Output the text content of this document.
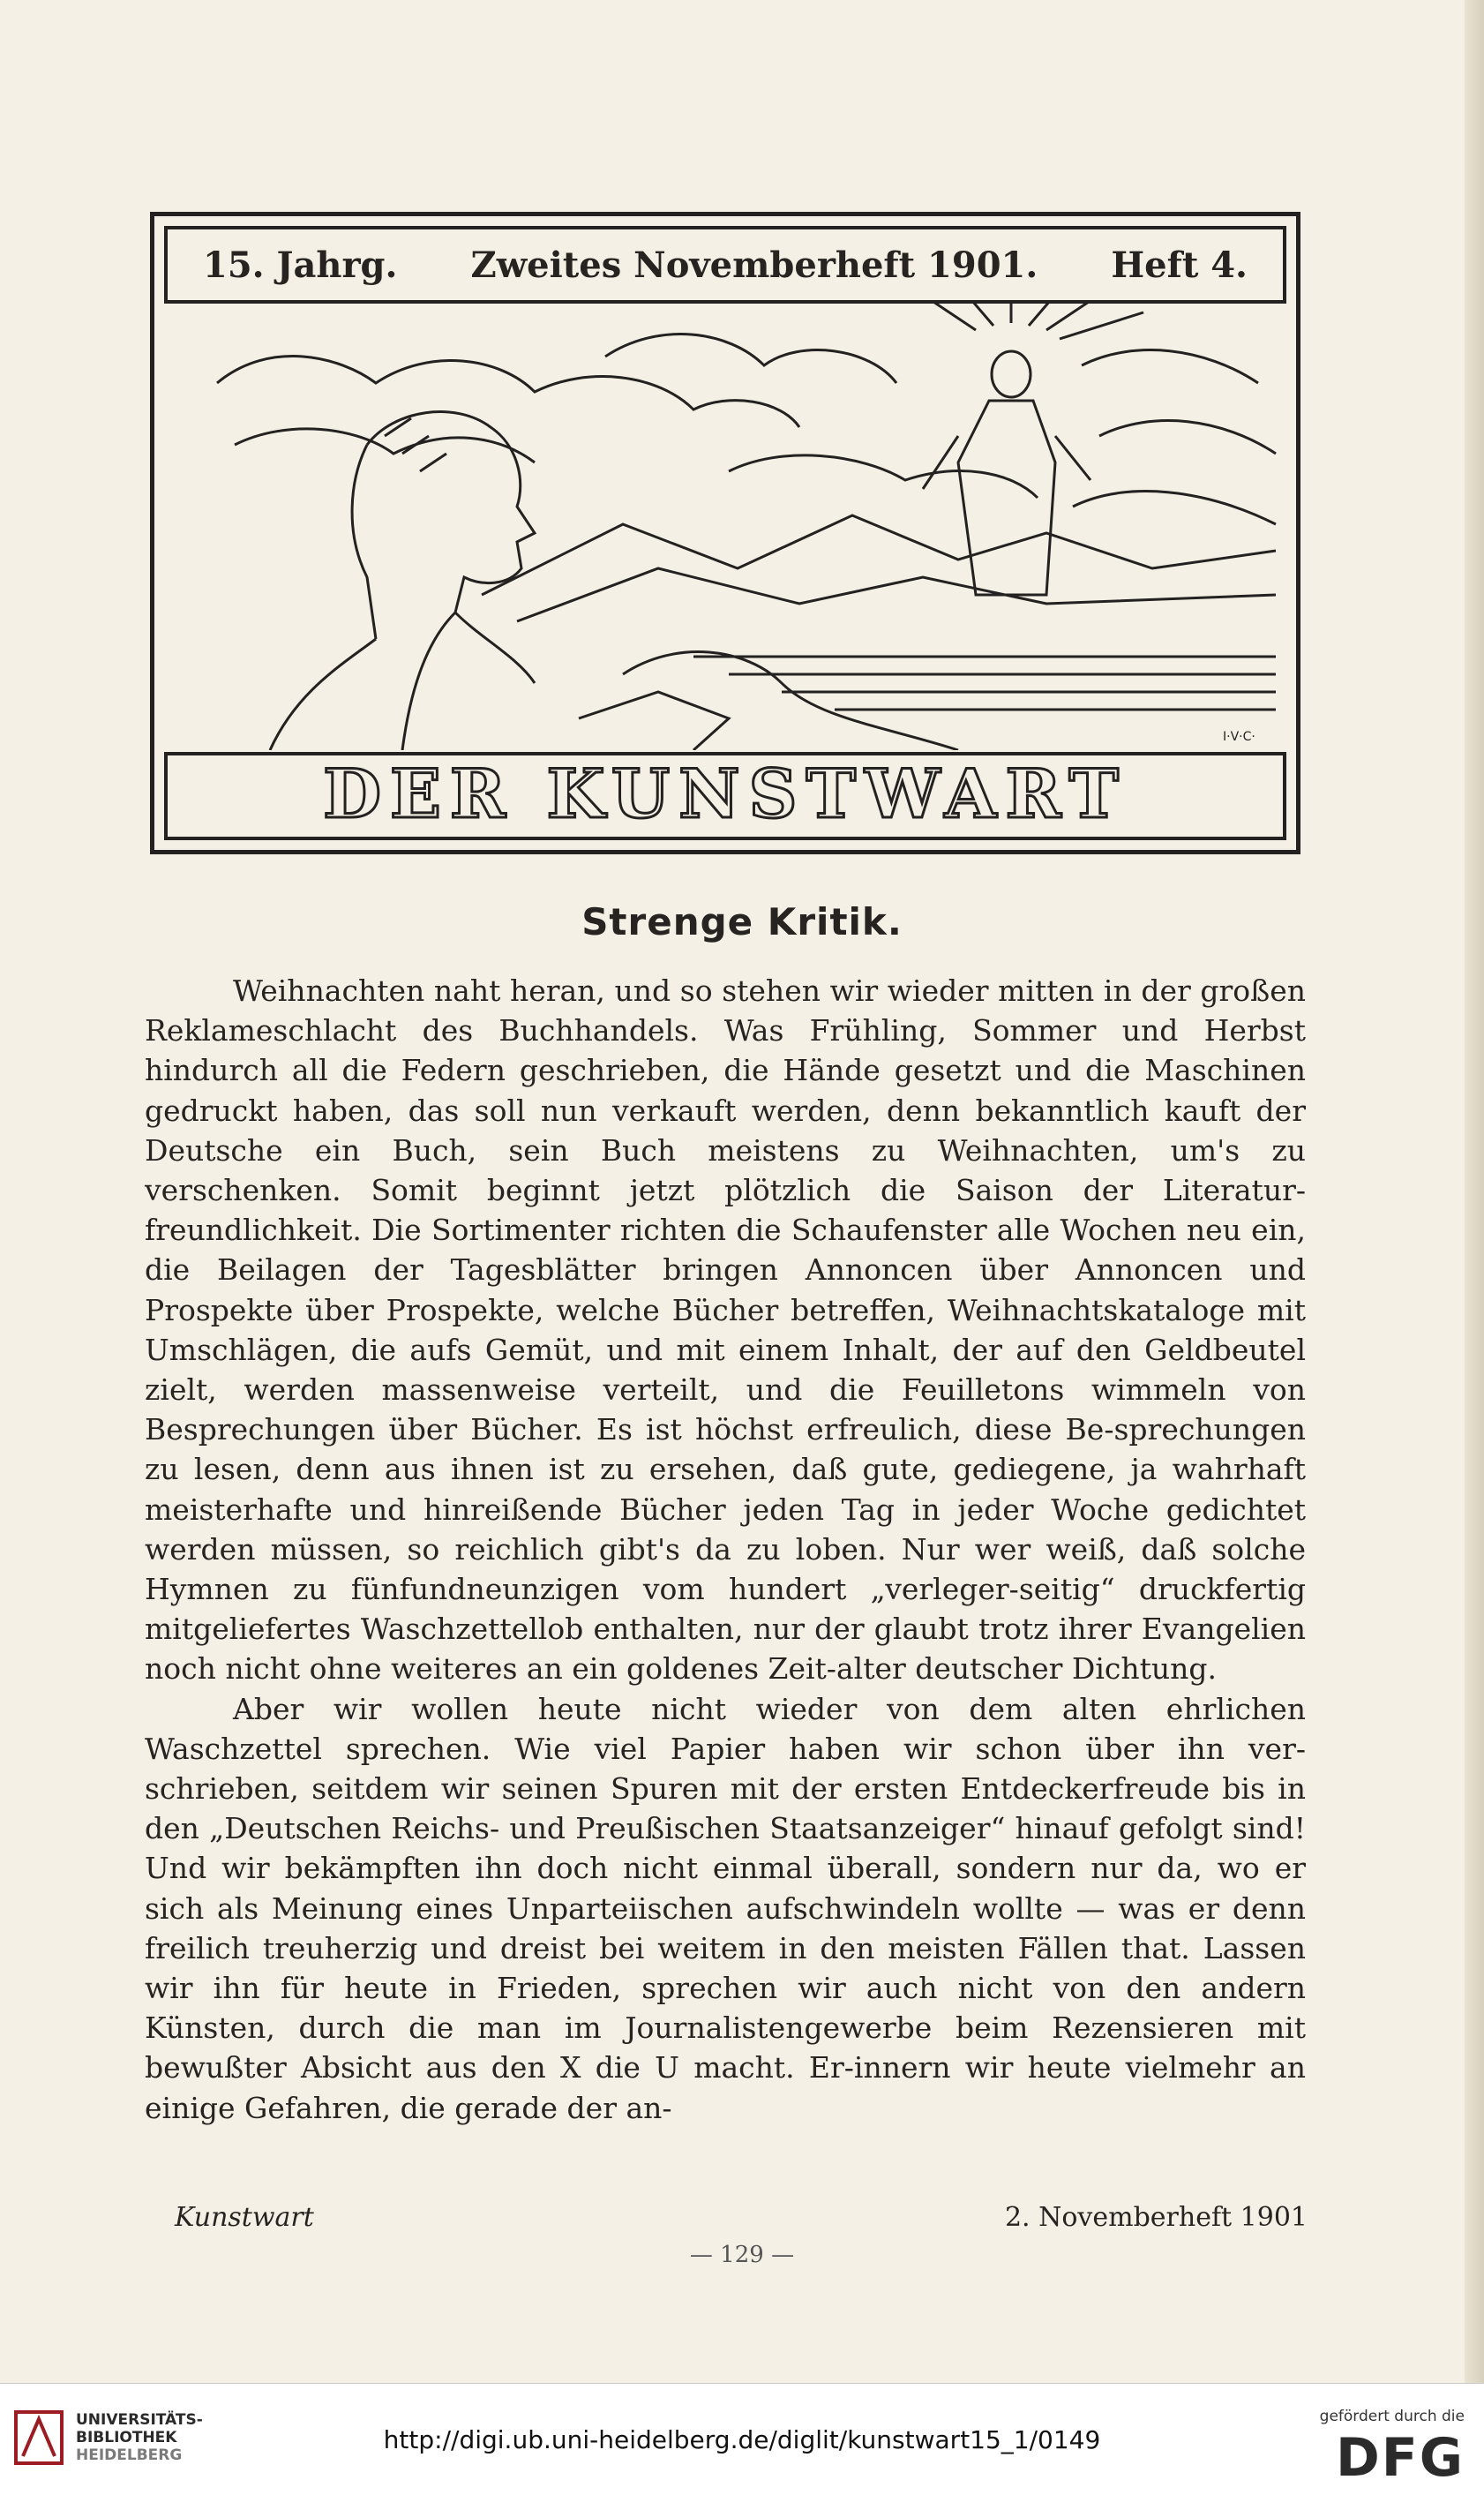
15. Jahrg. Zweites Novemberheft 1901. Heft 4.
I·V·C·
DER KUNSTWART
Strenge Kritik.

Weihnachten naht heran, und so stehen wir wieder mitten in der großen Reklameschlacht des Buchhandels. Was Frühling, Sommer und Herbst hindurch all die Federn geschrieben, die Hände gesetzt und die Maschinen gedruckt haben, das soll nun verkauft werden, denn bekanntlich kauft der Deutsche ein Buch, sein Buch meistens zu Weihnachten, um's zu verschenken. Somit beginnt jetzt plötzlich die Saison der Literatur-freundlichkeit. Die Sortimenter richten die Schaufenster alle Wochen neu ein, die Beilagen der Tagesblätter bringen Annoncen über Annoncen und Prospekte über Prospekte, welche Bücher betreffen, Weihnachtskataloge mit Umschlägen, die aufs Gemüt, und mit einem Inhalt, der auf den Geldbeutel zielt, werden massenweise verteilt, und die Feuilletons wimmeln von Besprechungen über Bücher. Es ist höchst erfreulich, diese Be-sprechungen zu lesen, denn aus ihnen ist zu ersehen, daß gute, gediegene, ja wahrhaft meisterhafte und hinreißende Bücher jeden Tag in jeder Woche gedichtet werden müssen, so reichlich gibt's da zu loben. Nur wer weiß, daß solche Hymnen zu fünfundneunzigen vom hundert „verleger-seitig“ druckfertig mitgeliefertes Waschzettellob enthalten, nur der glaubt trotz ihrer Evangelien noch nicht ohne weiteres an ein goldenes Zeit-alter deutscher Dichtung.

Aber wir wollen heute nicht wieder von dem alten ehrlichen Waschzettel sprechen. Wie viel Papier haben wir schon über ihn ver-schrieben, seitdem wir seinen Spuren mit der ersten Entdeckerfreude bis in den „Deutschen Reichs- und Preußischen Staatsanzeiger“ hinauf gefolgt sind! Und wir bekämpften ihn doch nicht einmal überall, sondern nur da, wo er sich als Meinung eines Unparteiischen aufschwindeln wollte — was er denn freilich treuherzig und dreist bei weitem in den meisten Fällen that. Lassen wir ihn für heute in Frieden, sprechen wir auch nicht von den andern Künsten, durch die man im Journalistengewerbe beim Rezensieren mit bewußter Absicht aus den X die U macht. Er-innern wir heute vielmehr an einige Gefahren, die gerade der an-

Kunstwart	2. Novemberheft 1901
— 129 —
UNIVERSITÄTS-
BIBLIOTHEK
HEIDELBERG
http://digi.ub.uni-heidelberg.de/diglit/kunstwart15_1/0149
gefördert durch die
DFG
